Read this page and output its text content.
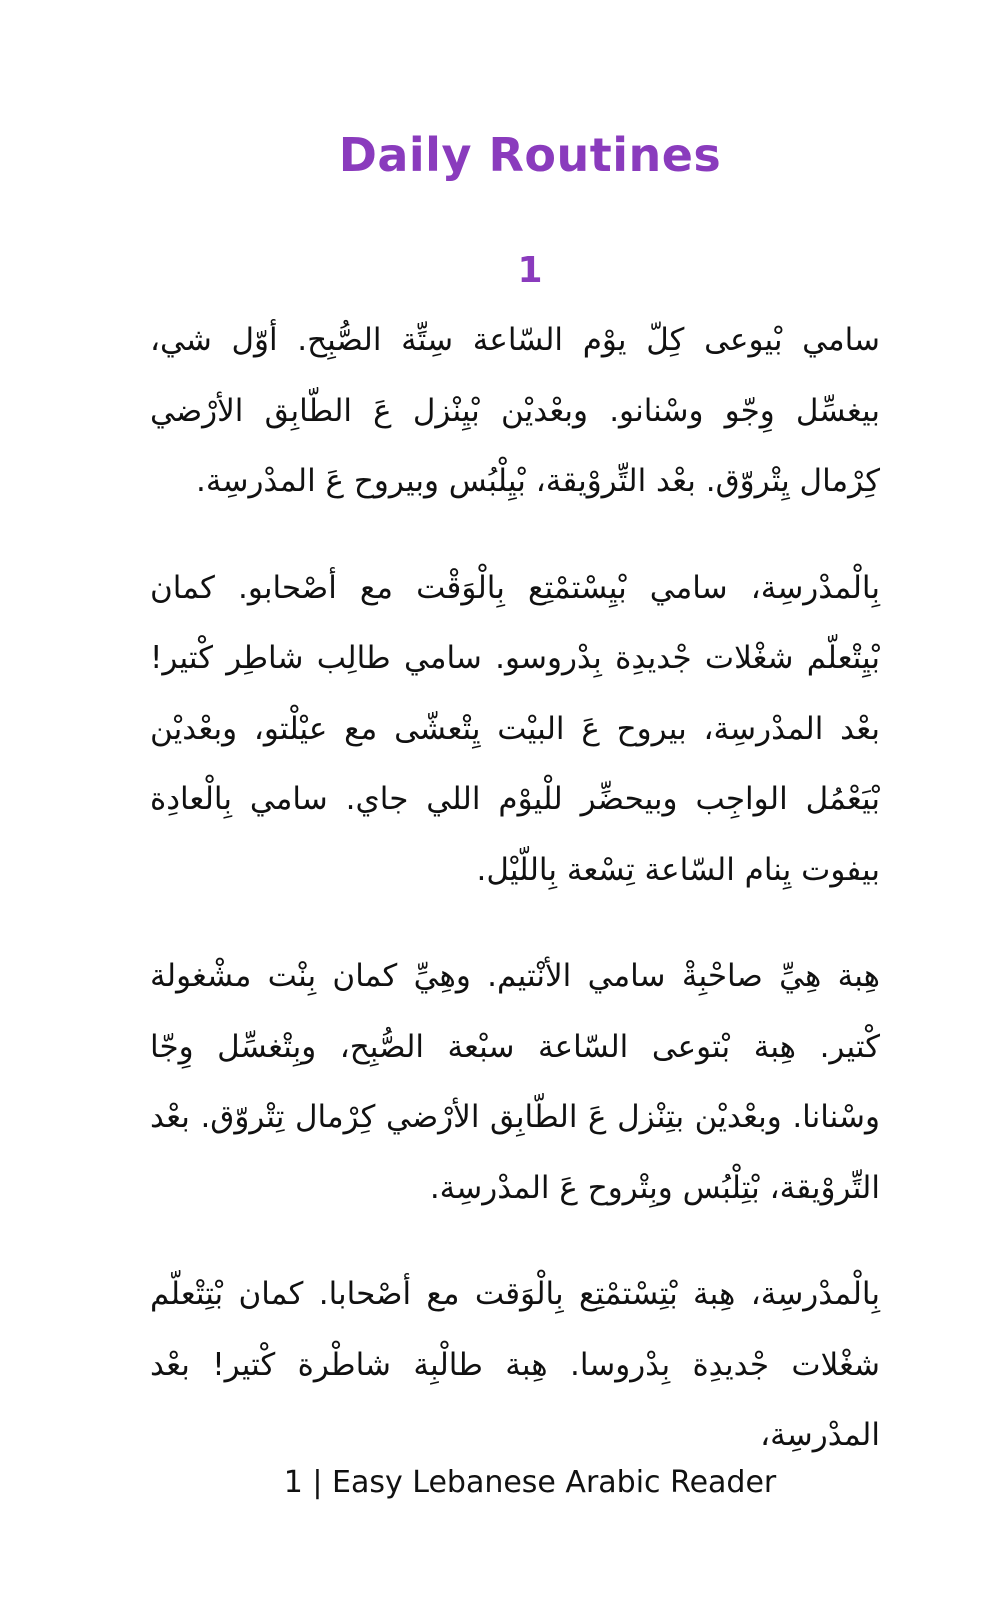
Daily Routines
1

سامي بْيوعى كِلّ يوْم السّاعة سِتِّة الصُّبِح. أوّل شي، بيغسِّل وِجّو وسْنانو. وبعْديْن بْيِنْزل عَ الطّابِق الأرْضي كِرْمال يِتْروّق. بعْد التِّروْيقة، بْيِلْبُس وبيروح عَ المدْرسِة.

بِالْمدْرسِة، سامي بْيِسْتمْتِع بِالْوَقْت مع أصْحابو. كمان بْيِتْعلّم شغْلات جْديدِة بِدْروسو. سامي طالِب شاطِر كْتير! بعْد المدْرسِة، بيروح عَ البيْت يِتْعشّى مع عيْلْتو، وبعْديْن بْيَعْمُل الواجِب وبيحضِّر للْيوْم اللي جاي. سامي بِالْعادِة بيفوت يِنام السّاعة تِسْعة بِاللّيْل.

هِبة هِيِّ صاحْبِةْ سامي الأنْتيم. وهِيِّ كمان بِنْت مشْغولة كْتير. هِبة بْتوعى السّاعة سبْعة الصُّبِح، وبِتْغسِّل وِجّا وسْنانا. وبعْديْن بتِنْزل عَ الطّابِق الأرْضي كِرْمال تِتْروّق. بعْد التِّروْيقة، بْتِلْبُس وبِتْروح عَ المدْرسِة.

بِالْمدْرسِة، هِبة بْتِسْتمْتِع بِالْوَقت مع أصْحابا. كمان بْتِتْعلّم شغْلات جْديدِة بِدْروسا. هِبة طالْبِة شاطْرة كْتير! بعْد المدْرسِة،

1 | Easy Lebanese Arabic Reader
